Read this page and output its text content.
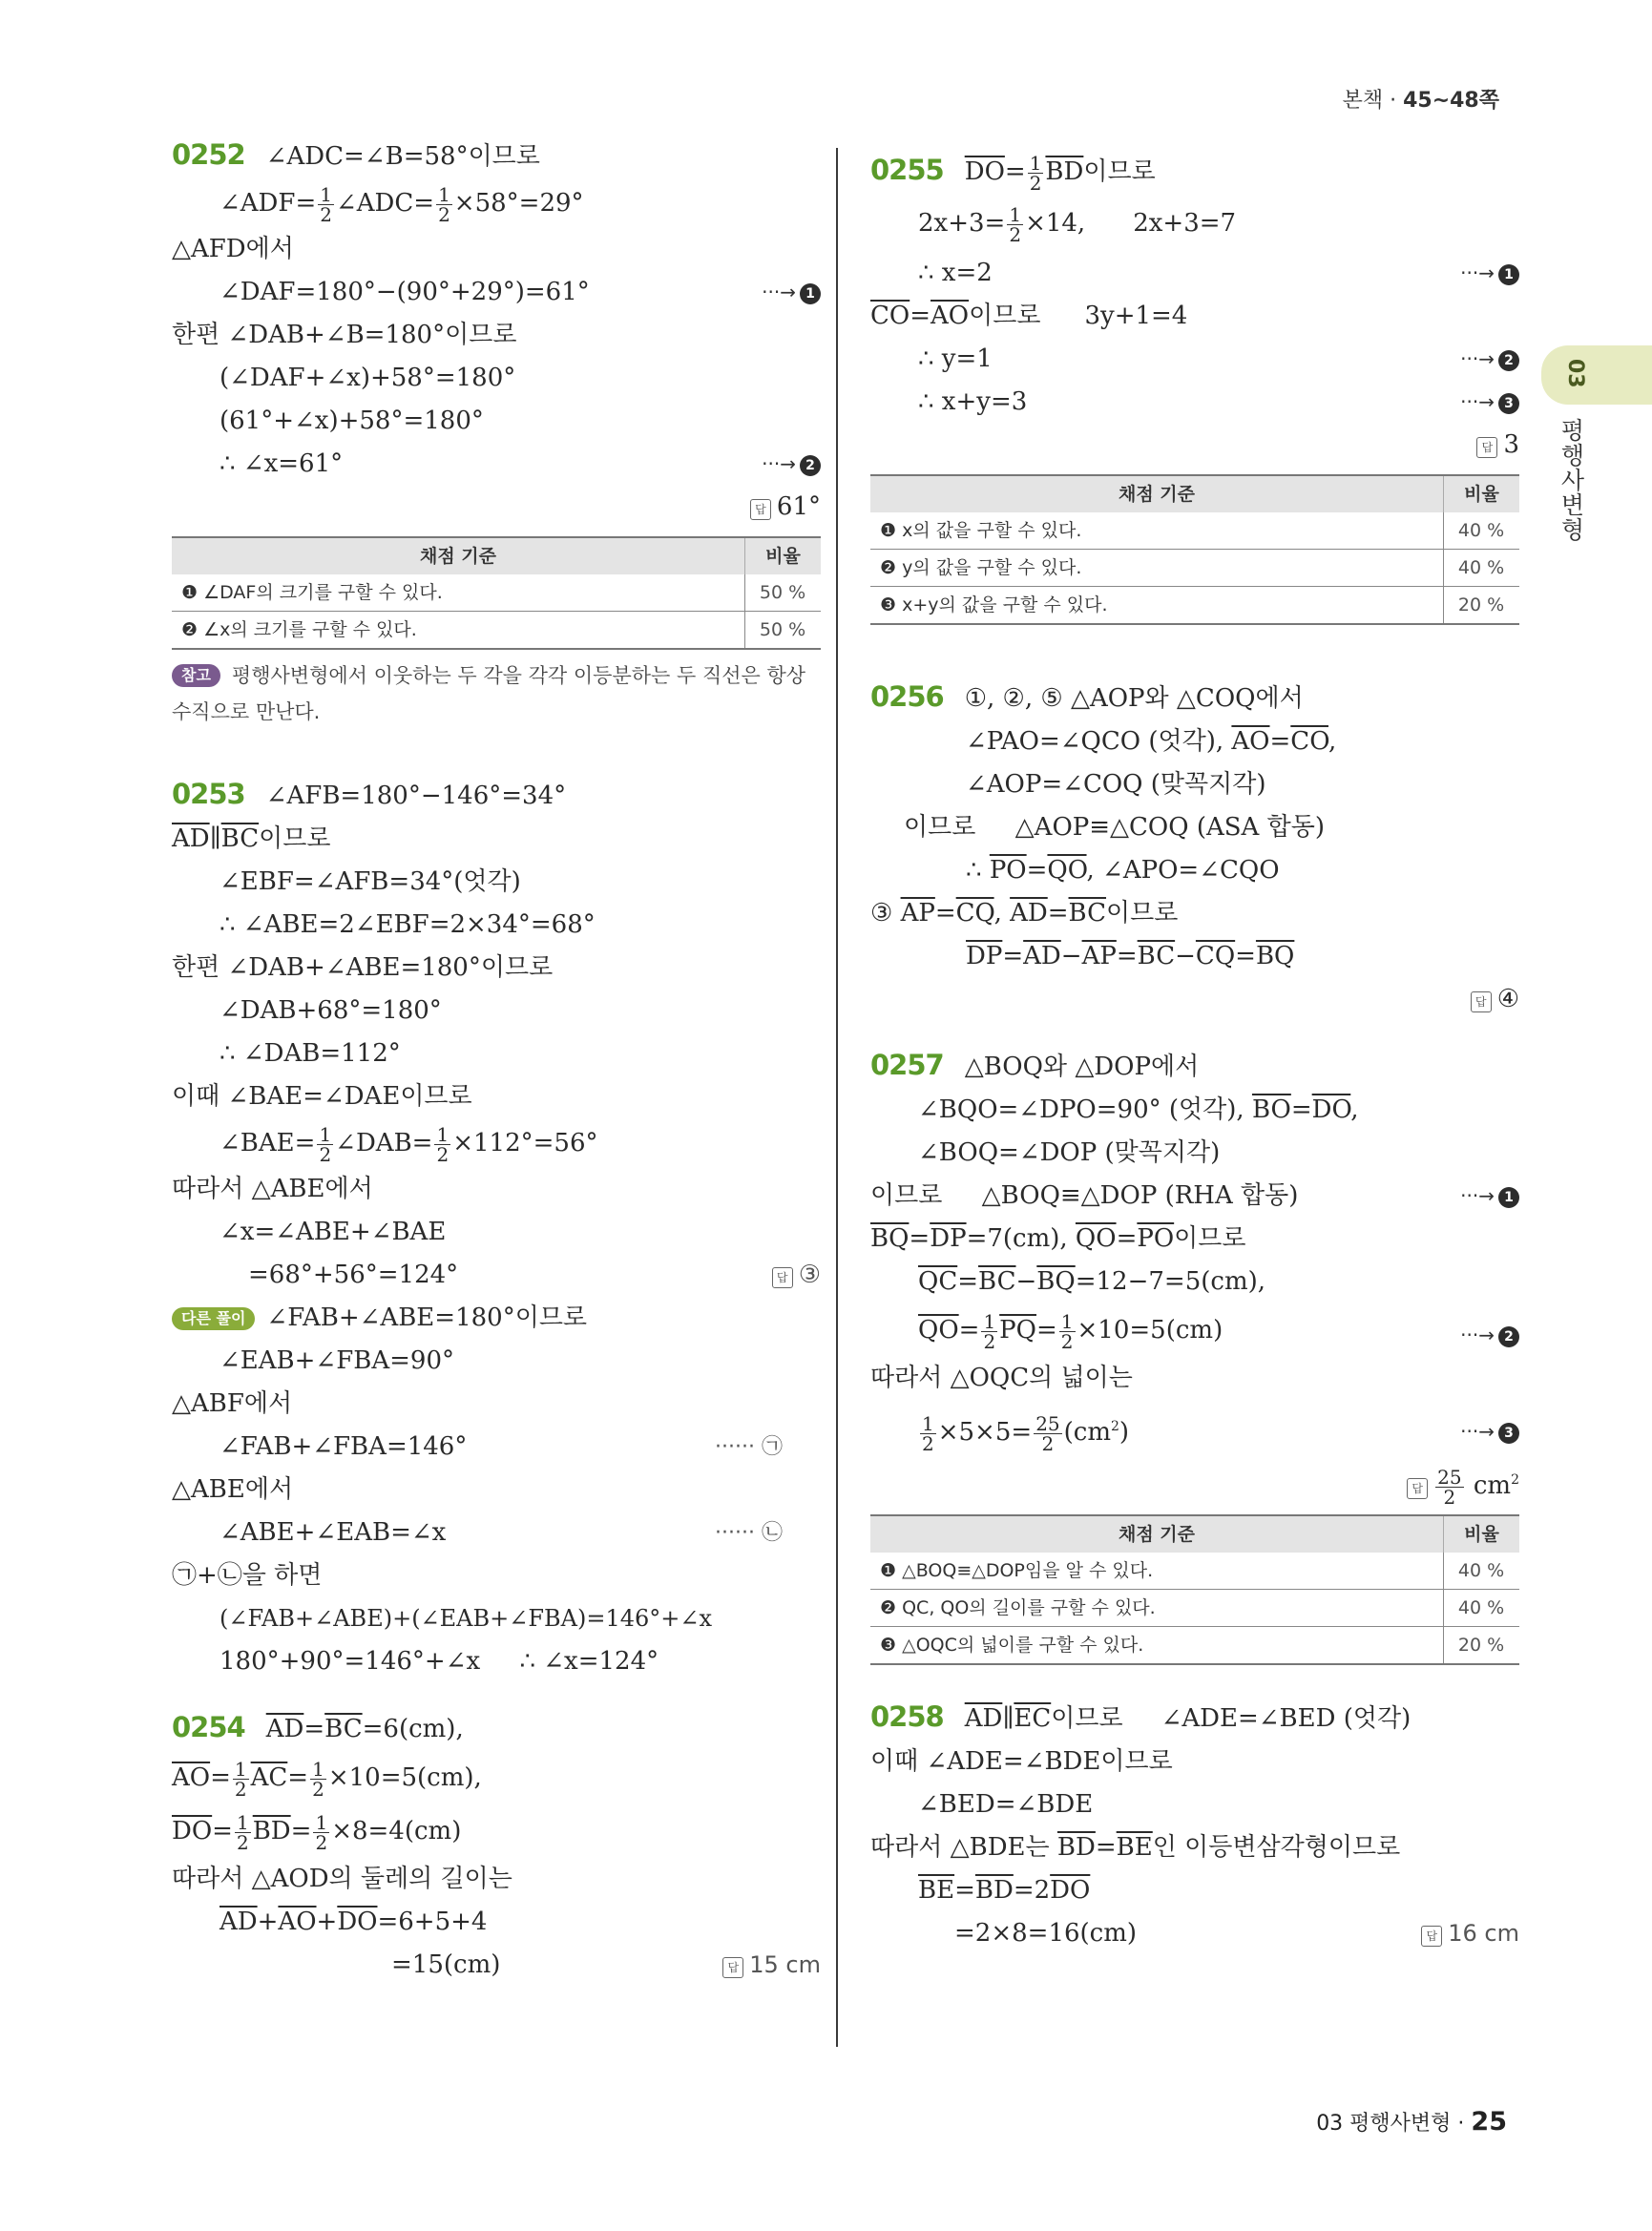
본책 · 45~48쪽
03
평행사변형
0252 ∠ADC=∠B=58°이므로
∠ADF= $\frac{1}{2}$ ∠ADC= $\frac{1}{2} \times 58^\circ=29^\circ$
△AFD에서
∠DAF=180°−(90°+29°)=61°	···→ 1
한편 ∠DAB+∠B=180°이므로
(∠DAF+∠x)+58°=180°
(61°+∠x)+58°=180°
∴ ∠x=61°	···→ 2
답 61°
채점 기준	비율
❶ ∠DAF의 크기를 구할 수 있다.	50 %
❷ ∠x의 크기를 구할 수 있다.	50 %
참고 평행사변형에서 이웃하는 두 각을 각각 이등분하는 두 직선은 항상 수직으로 만난다.
0253 ∠AFB=180°−146°=34°
$\overline{AD}\parallel\overline{BC}$이므로
∠EBF=∠AFB=34°(엇각)
∴ ∠ABE=2∠EBF=2×34°=68°
한편 ∠DAB+∠ABE=180°이므로
∠DAB+68°=180°
∴ ∠DAB=112°
이때 ∠BAE=∠DAE이므로
∠BAE= $\frac{1}{2}$ ∠DAB= $\frac{1}{2} \times 112^\circ=56^\circ$
따라서 △ABE에서
∠x=∠ABE+∠BAE
=68°+56°=124°	답 ③
다른 풀이 ∠FAB+∠ABE=180°이므로
∠EAB+∠FBA=90°
△ABF에서
∠FAB+∠FBA=146°	······ ㉠
△ABE에서
∠ABE+∠EAB=∠x	······ ㉡
㉠+㉡을 하면
(∠FAB+∠ABE)+(∠EAB+∠FBA)=146°+∠x
180°+90°=146°+∠x     ∴ ∠x=124°
0254 $\overline{AD}=\overline{BC}=6(cm)$,
$\overline{AO}= \frac{1}{2} \overline{AC}= \frac{1}{2} \times 10=5(cm)$,
$\overline{DO}= \frac{1}{2} \overline{BD}= \frac{1}{2} \times 8=4(cm)$
따라서 △AOD의 둘레의 길이는
$\overline{AD}+\overline{AO}+\overline{DO}=6+5+4$
=15(cm)	답 15 cm
0255 $\overline{DO}= \frac{1}{2} \overline{BD}$이므로
$2x+3= \frac{1}{2} \times 14$, 2x+3=7
∴ x=2	···→ 1
$\overline{CO}=\overline{AO}$이므로 3y+1=4
∴ y=1	···→ 2
∴ x+y=3	···→ 3
답 3
채점 기준	비율
❶ x의 값을 구할 수 있다.	40 %
❷ y의 값을 구할 수 있다.	40 %
❸ x+y의 값을 구할 수 있다.	20 %
0256 ①, ②, ⑤ △AOP와 △COQ에서
∠PAO=∠QCO (엇각), $\overline{AO}=\overline{CO}$,
∠AOP=∠COQ (맞꼭지각)
이므로     △AOP≡△COQ (ASA 합동)
∴ $\overline{PO}=\overline{QO}$, ∠APO=∠CQO
③ $\overline{AP}=\overline{CQ}$, $\overline{AD}=\overline{BC}$이므로
$\overline{DP}=\overline{AD}-\overline{AP}=\overline{BC}-\overline{CQ}=\overline{BQ}$
답 ④
0257 △BOQ와 △DOP에서
∠BQO=∠DPO=90° (엇각), $\overline{BO}=\overline{DO}$,
∠BOQ=∠DOP (맞꼭지각)
이므로     △BOQ≡△DOP (RHA 합동)	···→ 1
$\overline{BQ}=\overline{DP}=7(cm)$, $\overline{QO}=\overline{PO}$이므로
$\overline{QC}=\overline{BC}-\overline{BQ}=12-7=5(cm)$,
$\overline{QO}= \frac{1}{2} \overline{PQ}= \frac{1}{2} \times 10=5(cm)$	···→ 2
따라서 △OQC의 넓이는
$\frac{1}{2} \times 5\times 5= \frac{25}{2} (cm^2)$	···→ 3
답 $\frac{25}{2} cm^2$
채점 기준	비율
❶ △BOQ≡△DOP임을 알 수 있다.	40 %
❷ QC, QO의 길이를 구할 수 있다.	40 %
❸ △OQC의 넓이를 구할 수 있다.	20 %
0258 $\overline{AD}\parallel\overline{EC}$이므로 ∠ADE=∠BED (엇각)
이때 ∠ADE=∠BDE이므로
∠BED=∠BDE
따라서 △BDE는 $\overline{BD}=\overline{BE}$인 이등변삼각형이므로
$\overline{BE}=\overline{BD}=2\overline{DO}$
=2×8=16(cm)	답 16 cm
03 평행사변형 · 25
